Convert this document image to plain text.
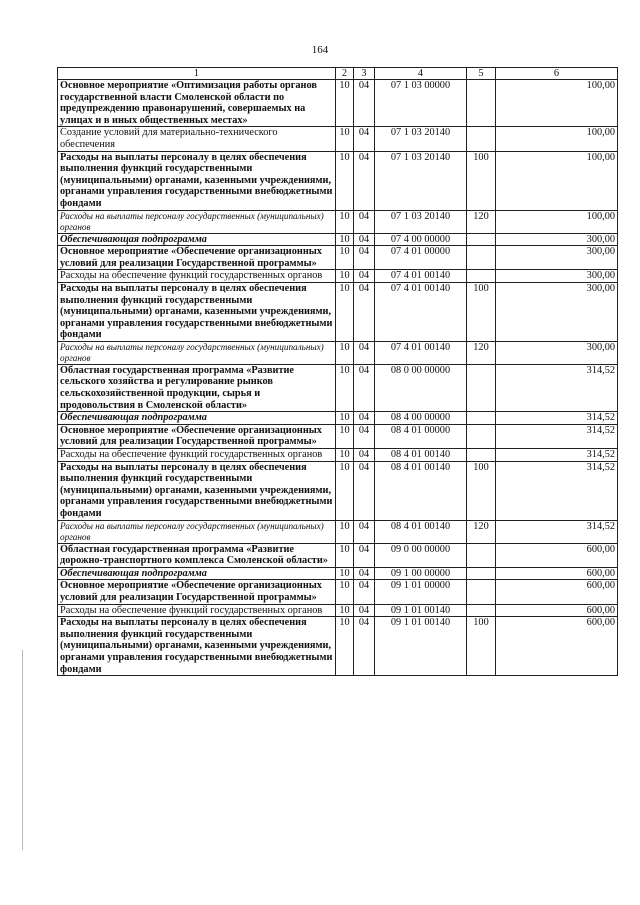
164
1	2	3	4	5	6
Основное мероприятие «Оптимизация работы органов государственной власти Смоленской области по предупреждению правонарушений, совершаемых на улицах и в иных общественных местах»	10	04	07 1 03 00000		100,00
Создание условий для материально-технического обеспечения	10	04	07 1 03 20140		100,00
Расходы на выплаты персоналу в целях обеспечения выполнения функций государственными (муниципальными) органами, казенными учреждениями, органами управления государственными внебюджетными фондами	10	04	07 1 03 20140	100	100,00
Расходы на выплаты персоналу государственных (муниципальных) органов	10	04	07 1 03 20140	120	100,00
Обеспечивающая подпрограмма	10	04	07 4 00 00000		300,00
Основное мероприятие «Обеспечение организационных условий для реализации Государственной программы»	10	04	07 4 01 00000		300,00
Расходы на обеспечение функций государственных органов	10	04	07 4 01 00140		300,00
Расходы на выплаты персоналу в целях обеспечения выполнения функций государственными (муниципальными) органами, казенными учреждениями, органами управления государственными внебюджетными фондами	10	04	07 4 01 00140	100	300,00
Расходы на выплаты персоналу государственных (муниципальных) органов	10	04	07 4 01 00140	120	300,00
Областная государственная программа «Развитие сельского хозяйства и регулирование рынков сельскохозяйственной продукции, сырья и продовольствия в Смоленской области»	10	04	08 0 00 00000		314,52
Обеспечивающая подпрограмма	10	04	08 4 00 00000		314,52
Основное мероприятие «Обеспечение организационных условий для реализации Государственной программы»	10	04	08 4 01 00000		314,52
Расходы на обеспечение функций государственных органов	10	04	08 4 01 00140		314,52
Расходы на выплаты персоналу в целях обеспечения выполнения функций государственными (муниципальными) органами, казенными учреждениями, органами управления государственными внебюджетными фондами	10	04	08 4 01 00140	100	314,52
Расходы на выплаты персоналу государственных (муниципальных) органов	10	04	08 4 01 00140	120	314,52
Областная государственная программа «Развитие дорожно-транспортного комплекса Смоленской области»	10	04	09 0 00 00000		600,00
Обеспечивающая подпрограмма	10	04	09 1 00 00000		600,00
Основное мероприятие «Обеспечение организационных условий для реализации Государственной программы»	10	04	09 1 01 00000		600,00
Расходы на обеспечение функций государственных органов	10	04	09 1 01 00140		600,00
Расходы на выплаты персоналу в целях обеспечения выполнения функций государственными (муниципальными) органами, казенными учреждениями, органами управления государственными внебюджетными фондами	10	04	09 1 01 00140	100	600,00
